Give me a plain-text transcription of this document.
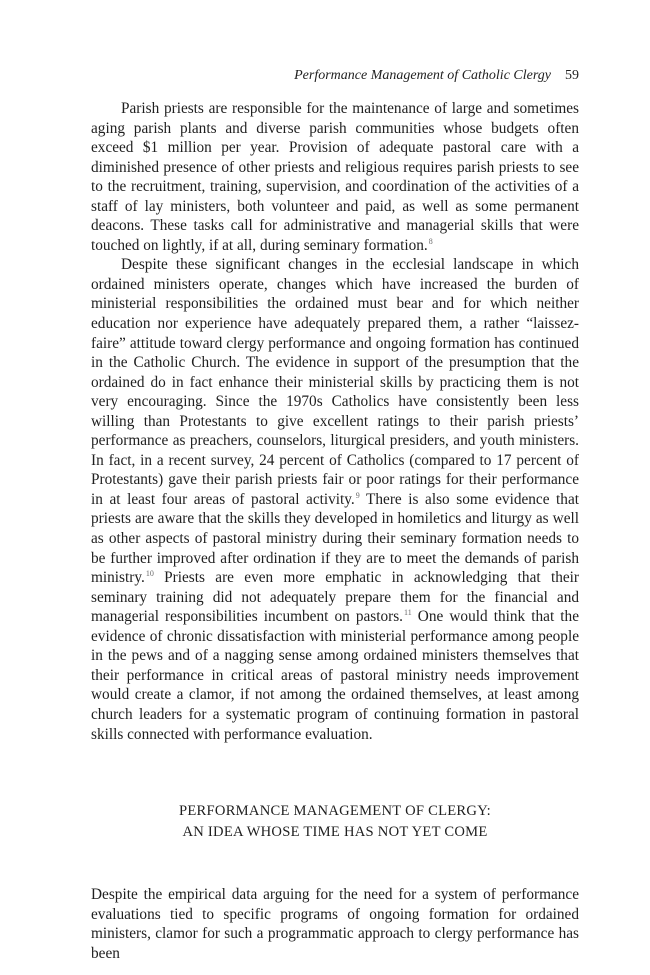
Performance Management of Catholic Clergy 59

Parish priests are responsible for the maintenance of large and sometimes aging parish plants and diverse parish communities whose budgets often exceed $1 million per year. Provision of adequate pastoral care with a diminished presence of other priests and religious requires parish priests to see to the recruitment, training, supervision, and coordination of the activities of a staff of lay ministers, both volunteer and paid, as well as some permanent deacons. These tasks call for administrative and managerial skills that were touched on lightly, if at all, during seminary formation.$^8$

Despite these significant changes in the ecclesial landscape in which ordained ministers operate, changes which have increased the burden of ministerial responsibilities the ordained must bear and for which neither education nor experience have adequately prepared them, a rather “laissez-faire” attitude toward clergy performance and ongoing formation has continued in the Catholic Church. The evidence in support of the presumption that the ordained do in fact enhance their ministerial skills by practicing them is not very encouraging. Since the 1970s Catholics have consistently been less willing than Protestants to give excellent ratings to their parish priests’ performance as preachers, counselors, liturgical presiders, and youth ministers. In fact, in a recent survey, 24 percent of Catholics (compared to 17 percent of Protestants) gave their parish priests fair or poor ratings for their performance in at least four areas of pastoral activity.$^9$ There is also some evidence that priests are aware that the skills they developed in homiletics and liturgy as well as other aspects of pastoral ministry during their seminary formation needs to be further improved after ordination if they are to meet the demands of parish ministry.$^{10}$ Priests are even more emphatic in acknowledging that their seminary training did not adequately prepare them for the financial and managerial responsibilities incumbent on pastors.$^{11}$ One would think that the evidence of chronic dissatisfaction with ministerial performance among people in the pews and of a nagging sense among ordained ministers themselves that their performance in critical areas of pastoral ministry needs improvement would create a clamor, if not among the ordained themselves, at least among church leaders for a systematic program of continuing formation in pastoral skills connected with performance evaluation.

PERFORMANCE MANAGEMENT OF CLERGY:
AN IDEA WHOSE TIME HAS NOT YET COME

Despite the empirical data arguing for the need for a system of performance evaluations tied to specific programs of ongoing formation for ordained ministers, clamor for such a programmatic approach to clergy performance has been
